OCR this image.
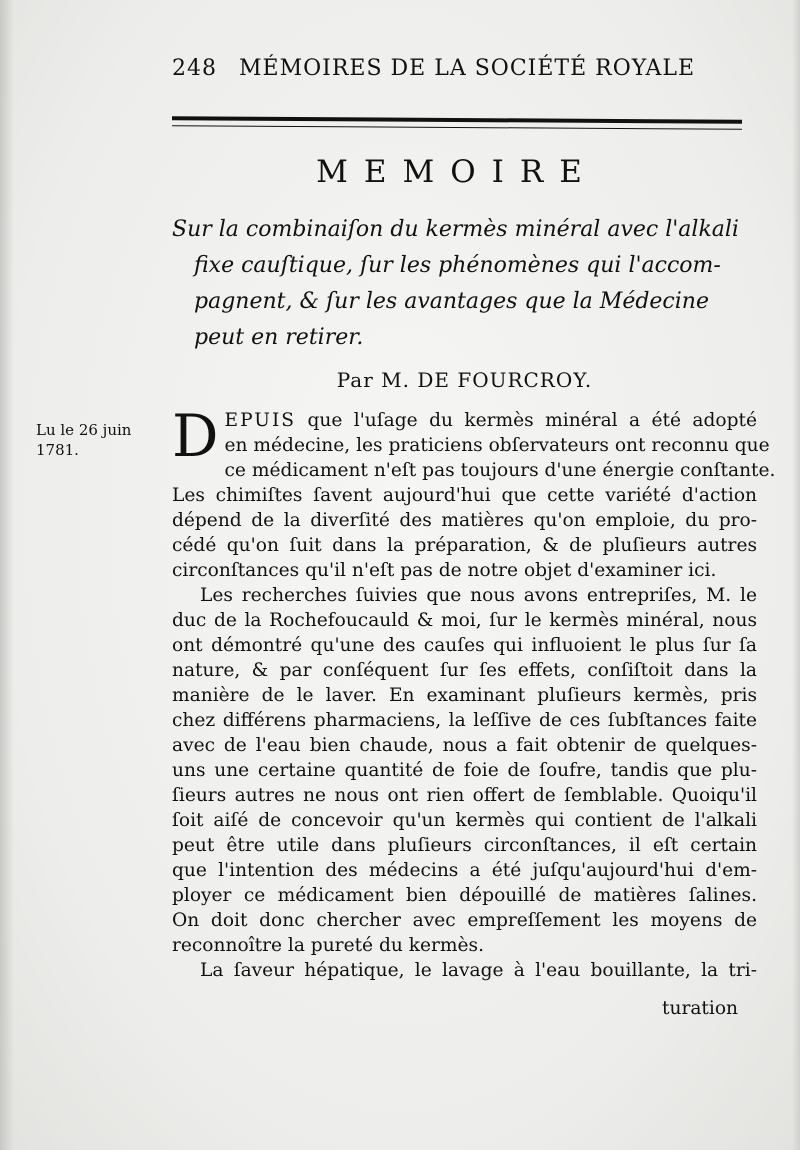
248 MÉMOIRES DE LA SOCIÉTÉ ROYALE
MEMOIRE
Sur la combinaiſon du kermès minéral avec l'alkali
fixe cauſtique, ſur les phénomènes qui l'accom-
pagnent, & ſur les avantages que la Médecine
peut en retirer.
Par M. DE FOURCROY.
Lu le 26 juin
1781.	D EPUIS que l'uſage du kermès minéral a été adopté
en médecine, les praticiens obſervateurs ont reconnu que
ce médicament n'eſt pas toujours d'une énergie conſtante.
Les chimiſtes ſavent aujourd'hui que cette variété d'action
dépend de la diverſité des matières qu'on emploie, du pro-
cédé qu'on ſuit dans la préparation, & de pluſieurs autres
circonſtances qu'il n'eſt pas de notre objet d'examiner ici.
Les recherches ſuivies que nous avons entrepriſes, M. le
duc de la Rochefoucauld & moi, ſur le kermès minéral, nous
ont démontré qu'une des cauſes qui influoient le plus ſur ſa
nature, & par conſéquent ſur ſes effets, conſiſtoit dans la
manière de le laver. En examinant pluſieurs kermès, pris
chez différens pharmaciens, la leſſive de ces ſubſtances faite
avec de l'eau bien chaude, nous a fait obtenir de quelques-
uns une certaine quantité de foie de ſoufre, tandis que plu-
ſieurs autres ne nous ont rien offert de ſemblable. Quoiqu'il
ſoit aiſé de concevoir qu'un kermès qui contient de l'alkali
peut être utile dans pluſieurs circonſtances, il eſt certain
que l'intention des médecins a été juſqu'aujourd'hui d'em-
ployer ce médicament bien dépouillé de matières ſalines.
On doit donc chercher avec empreſſement les moyens de
reconnoître la pureté du kermès.
La ſaveur hépatique, le lavage à l'eau bouillante, la tri-
turation
